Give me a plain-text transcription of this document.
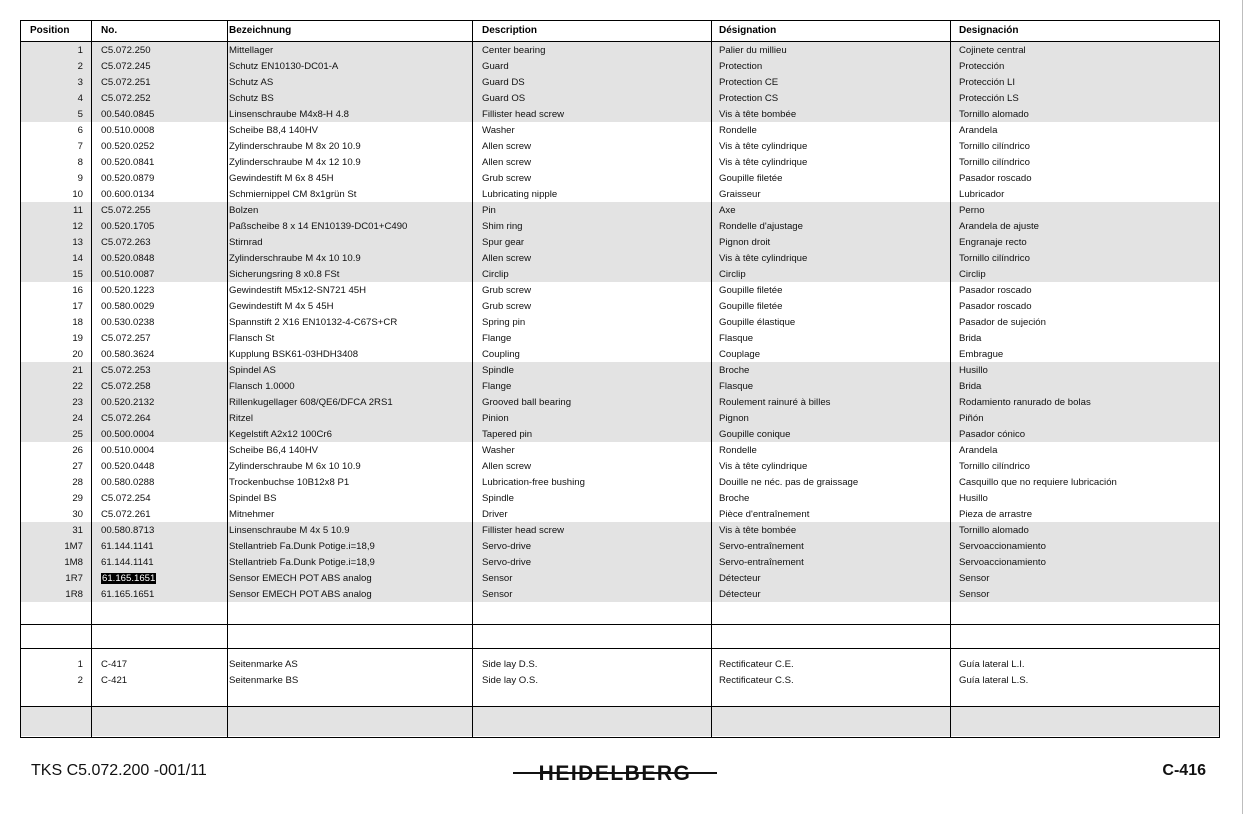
Position	No.	Bezeichnung	Description	Désignation	Designación
1 C5.072.250	Mittellager	Center bearing	Palier du millieu	Cojinete central
2 C5.072.245	Schutz EN10130-DC01-A	Guard	Protection	Protección
3 C5.072.251	Schutz AS	Guard DS	Protection CE	Protección LI
4 C5.072.252	Schutz BS	Guard OS	Protection CS	Protección LS
5 00.540.0845	Linsenschraube M4x8-H 4.8	Fillister head screw	Vis à tête bombée	Tornillo alomado
6 00.510.0008	Scheibe B8,4 140HV	Washer	Rondelle	Arandela
7 00.520.0252	Zylinderschraube M 8x 20 10.9	Allen screw	Vis à tête cylindrique	Tornillo cilíndrico
8 00.520.0841	Zylinderschraube M 4x 12 10.9	Allen screw	Vis à tête cylindrique	Tornillo cilíndrico
9 00.520.0879	Gewindestift M 6x 8 45H	Grub screw	Goupille filetée	Pasador roscado
10 00.600.0134	Schmiernippel CM 8x1grün St	Lubricating nipple	Graisseur	Lubricador
11 C5.072.255	Bolzen	Pin	Axe	Perno
12 00.520.1705	Paßscheibe 8 x 14 EN10139-DC01+C490	Shim ring	Rondelle d'ajustage	Arandela de ajuste
13 C5.072.263	Stirnrad	Spur gear	Pignon droit	Engranaje recto
14 00.520.0848	Zylinderschraube M 4x 10 10.9	Allen screw	Vis à tête cylindrique	Tornillo cilíndrico
15 00.510.0087	Sicherungsring 8 x0.8 FSt	Circlip	Circlip	Circlip
16 00.520.1223	Gewindestift M5x12-SN721 45H	Grub screw	Goupille filetée	Pasador roscado
17 00.580.0029	Gewindestift M 4x 5 45H	Grub screw	Goupille filetée	Pasador roscado
18 00.530.0238	Spannstift 2 X16 EN10132-4-C67S+CR	Spring pin	Goupille élastique	Pasador de sujeción
19 C5.072.257	Flansch St	Flange	Flasque	Brida
20 00.580.3624	Kupplung BSK61-03HDH3408	Coupling	Couplage	Embrague
21 C5.072.253	Spindel AS	Spindle	Broche	Husillo
22 C5.072.258	Flansch 1.0000	Flange	Flasque	Brida
23 00.520.2132	Rillenkugellager 608/QE6/DFCA 2RS1	Grooved ball bearing	Roulement rainuré à billes	Rodamiento ranurado de bolas
24 C5.072.264	Ritzel	Pinion	Pignon	Piñón
25 00.500.0004	Kegelstift A2x12 100Cr6	Tapered pin	Goupille conique	Pasador cónico
26 00.510.0004	Scheibe B6,4 140HV	Washer	Rondelle	Arandela
27 00.520.0448	Zylinderschraube M 6x 10 10.9	Allen screw	Vis à tête cylindrique	Tornillo cilíndrico
28 00.580.0288	Trockenbuchse 10B12x8 P1	Lubrication-free bushing	Douille ne néc. pas de graissage	Casquillo que no requiere lubricación
29 C5.072.254	Spindel BS	Spindle	Broche	Husillo
30 C5.072.261	Mitnehmer	Driver	Pièce d'entraînement	Pieza de arrastre
31 00.580.8713	Linsenschraube M 4x 5 10.9	Fillister head screw	Vis à tête bombée	Tornillo alomado
1M7 61.144.1141	Stellantrieb Fa.Dunk Potige.i=18,9	Servo-drive	Servo-entraînement	Servoaccionamiento
1M8 61.144.1141	Stellantrieb Fa.Dunk Potige.i=18,9	Servo-drive	Servo-entraînement	Servoaccionamiento
1R7 61.165.1651	Sensor EMECH POT ABS analog	Sensor	Détecteur	Sensor
1R8 61.165.1651	Sensor EMECH POT ABS analog	Sensor	Détecteur	Sensor
1 C-417	Seitenmarke AS	Side lay D.S.	Rectificateur C.E.	Guía lateral L.I.
2 C-421	Seitenmarke BS	Side lay O.S.	Rectificateur C.S.	Guía lateral L.S.
TKS C5.072.200 -001/11	HEIDELBERG	C-416
